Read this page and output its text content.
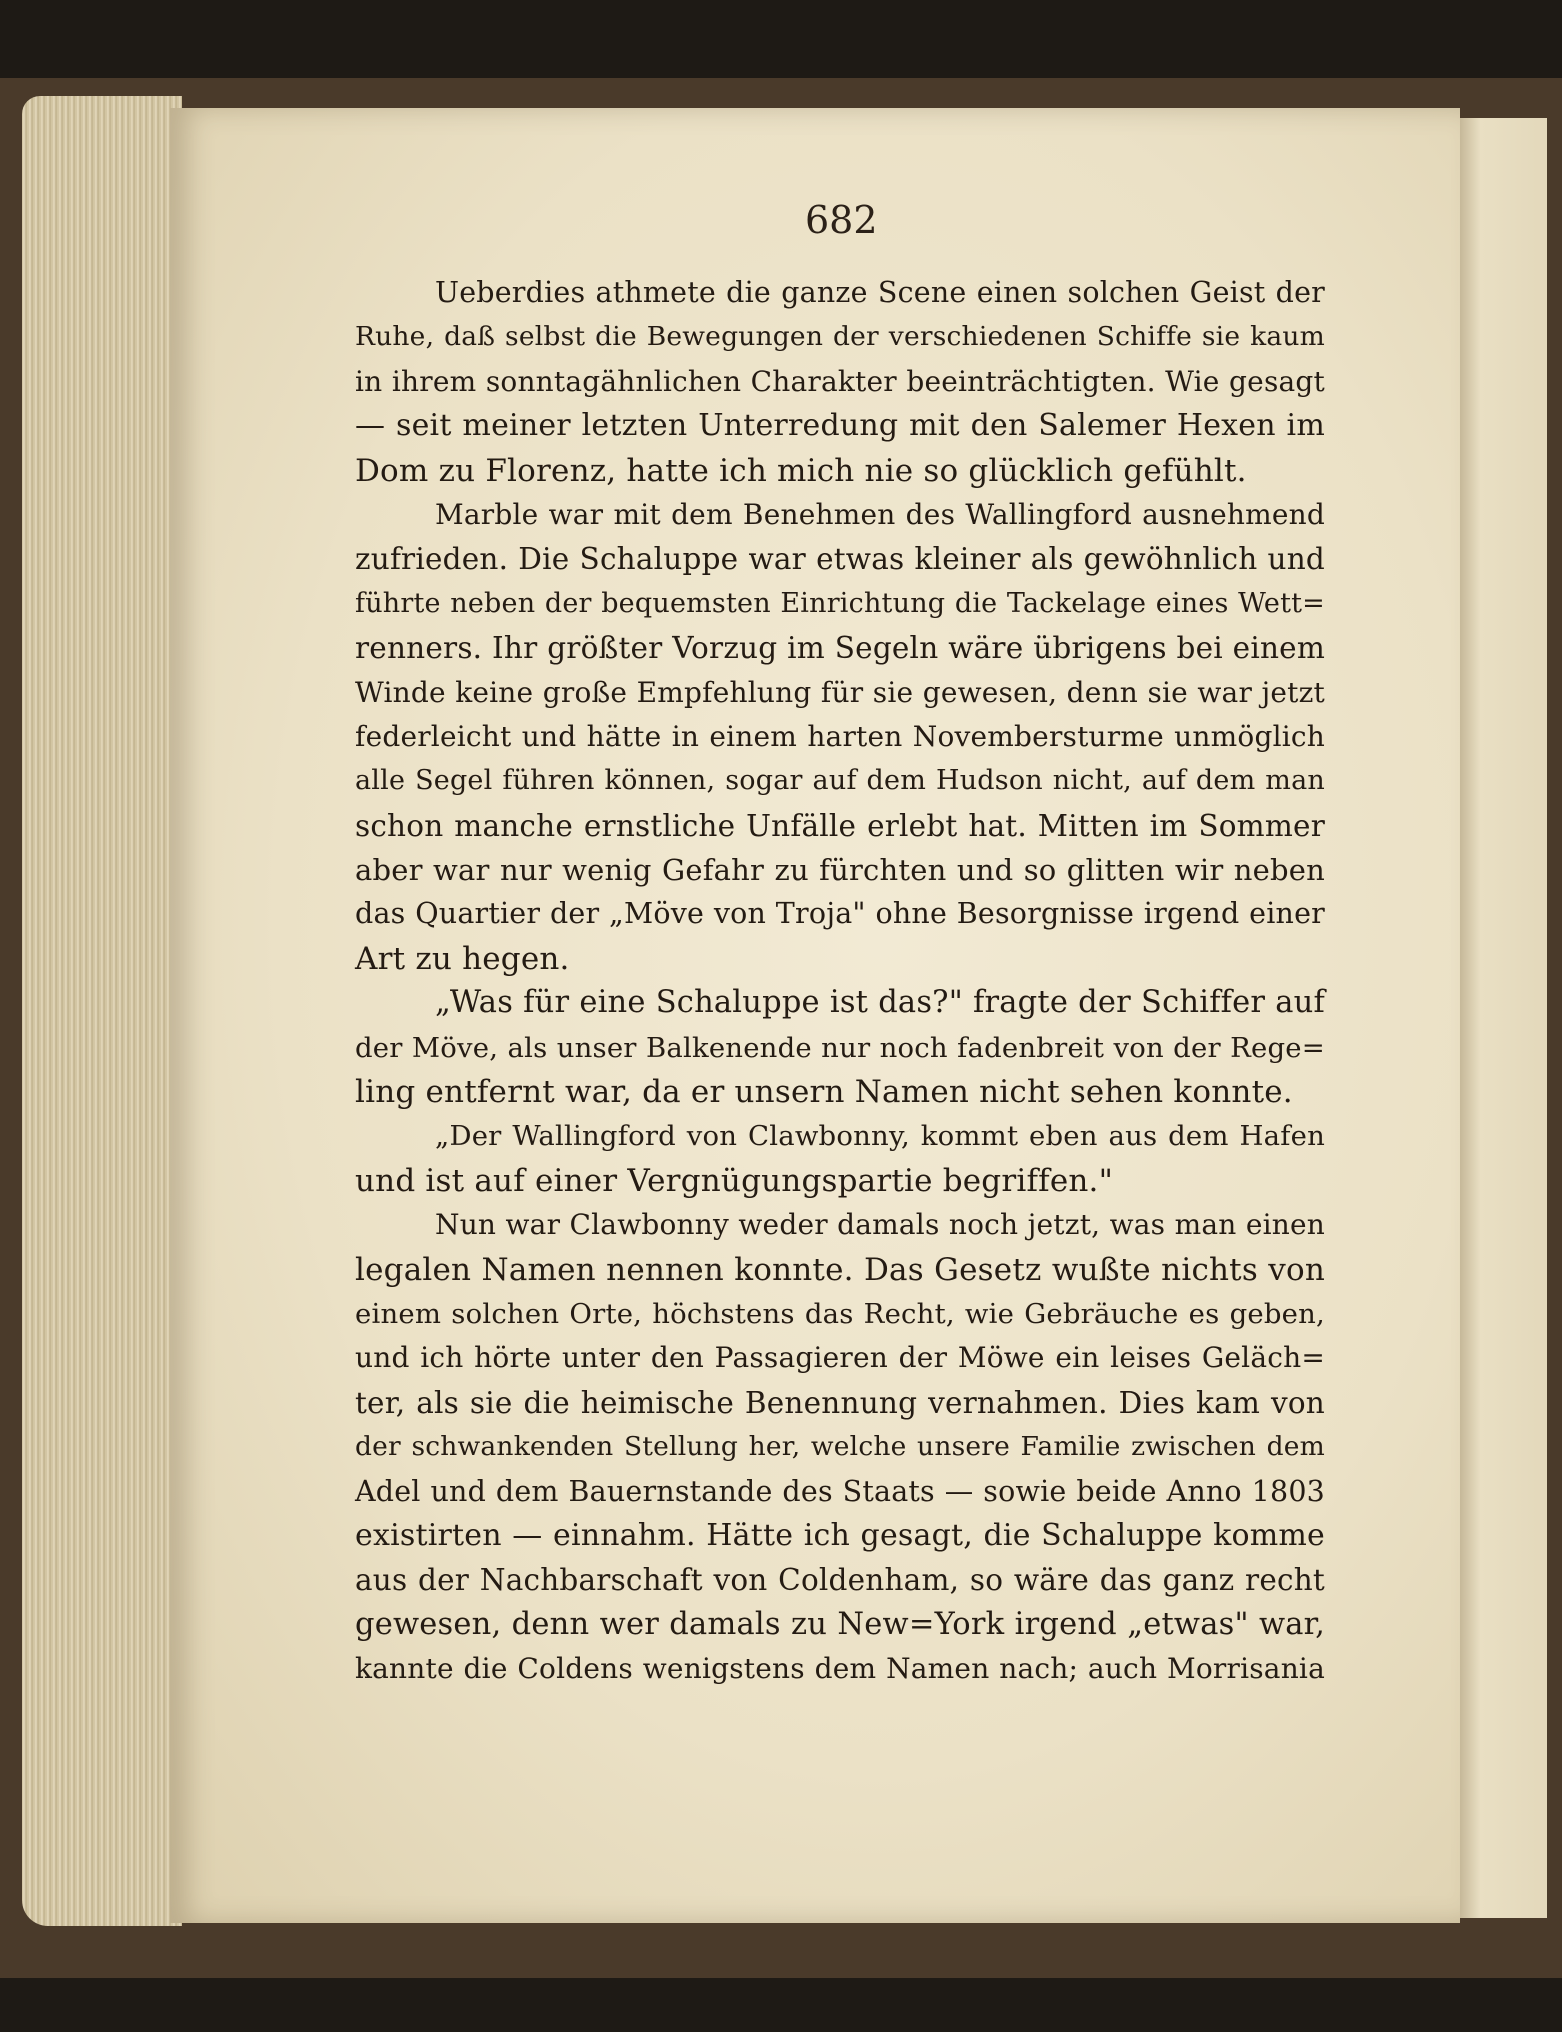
682
Ueberdies athmete die ganze Scene einen solchen Geist der
Ruhe, daß selbst die Bewegungen der verschiedenen Schiffe sie kaum
in ihrem sonntagähnlichen Charakter beeinträchtigten. Wie gesagt
— seit meiner letzten Unterredung mit den Salemer Hexen im
Dom zu Florenz, hatte ich mich nie so glücklich gefühlt.
Marble war mit dem Benehmen des Wallingford ausnehmend
zufrieden. Die Schaluppe war etwas kleiner als gewöhnlich und
führte neben der bequemsten Einrichtung die Tackelage eines Wett=
renners. Ihr größter Vorzug im Segeln wäre übrigens bei einem
Winde keine große Empfehlung für sie gewesen, denn sie war jetzt
federleicht und hätte in einem harten Novembersturme unmöglich
alle Segel führen können, sogar auf dem Hudson nicht, auf dem man
schon manche ernstliche Unfälle erlebt hat. Mitten im Sommer
aber war nur wenig Gefahr zu fürchten und so glitten wir neben
das Quartier der „Möve von Troja" ohne Besorgnisse irgend einer
Art zu hegen.
„Was für eine Schaluppe ist das?" fragte der Schiffer auf
der Möve, als unser Balkenende nur noch fadenbreit von der Rege=
ling entfernt war, da er unsern Namen nicht sehen konnte.
„Der Wallingford von Clawbonny, kommt eben aus dem Hafen
und ist auf einer Vergnügungspartie begriffen."
Nun war Clawbonny weder damals noch jetzt, was man einen
legalen Namen nennen konnte. Das Gesetz wußte nichts von
einem solchen Orte, höchstens das Recht, wie Gebräuche es geben,
und ich hörte unter den Passagieren der Möwe ein leises Geläch=
ter, als sie die heimische Benennung vernahmen. Dies kam von
der schwankenden Stellung her, welche unsere Familie zwischen dem
Adel und dem Bauernstande des Staats — sowie beide Anno 1803
existirten — einnahm. Hätte ich gesagt, die Schaluppe komme
aus der Nachbarschaft von Coldenham, so wäre das ganz recht
gewesen, denn wer damals zu New=York irgend „etwas" war,
kannte die Coldens wenigstens dem Namen nach; auch Morrisania
